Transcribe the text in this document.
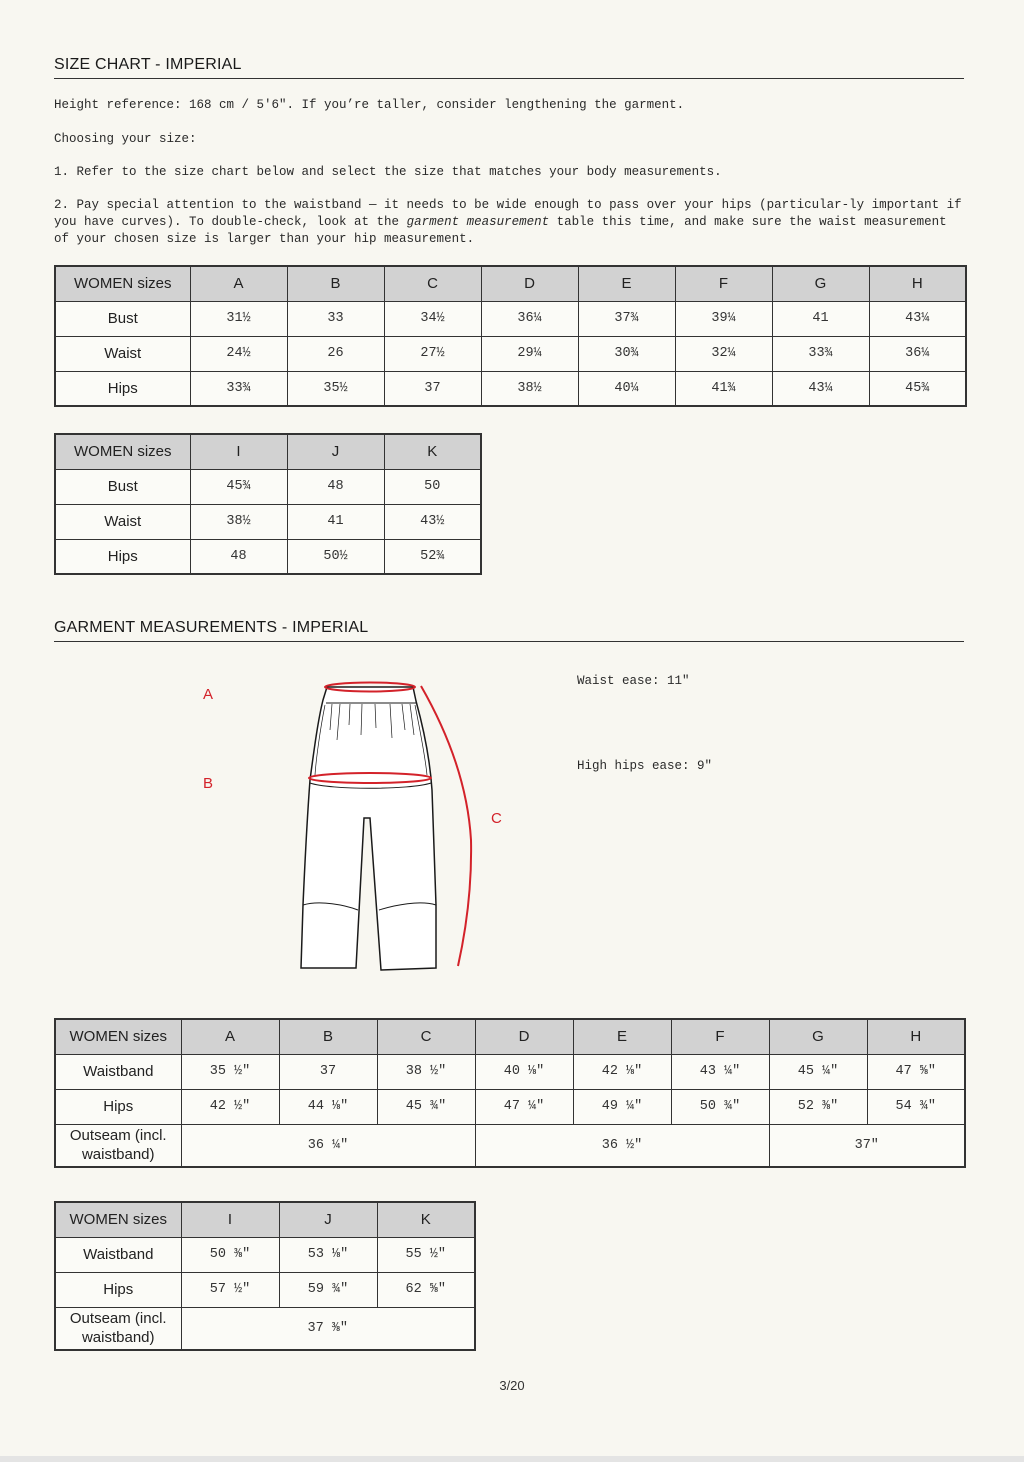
SIZE CHART - IMPERIAL
Height reference: 168 cm / 5'6". If you’re taller, consider lengthening the garment.
Choosing your size:
1. Refer to the size chart below and select the size that matches your body measurements.
2. Pay special attention to the waistband — it needs to be wide enough to pass over your hips (particular-ly important if you have curves). To double-check, look at the garment measurement table this time, and make sure the waist measurement of your chosen size is larger than your hip measurement.
WOMEN sizes	A	B	C	D	E	F	G	H
Bust	31½	33	34½	36¼	37¾	39¼	41	43¼
Waist	24½	26	27½	29¼	30¾	32¼	33¾	36¼
Hips	33¾	35½	37	38½	40¼	41¾	43¼	45¾
WOMEN sizes	I	J	K
Bust	45¾	48	50
Waist	38½	41	43½
Hips	48	50½	52¾
GARMENT MEASUREMENTS - IMPERIAL
A
B
C
Waist ease: 11"
High hips ease: 9"
WOMEN sizes	A	B	C	D	E	F	G	H
Waistband	35 ½″	37	38 ½″	40 ⅛″	42 ⅛″	43 ¼″	45 ¼″	47 ⅝″
Hips	42 ½″	44 ⅛″	45 ¾″	47 ¼″	49 ¼″	50 ¾″	52 ⅜″	54 ¾″
Outseam (incl. waistband)	36 ¼″			36 ½″			37″	
WOMEN sizes	I	J	K
Waistband	50 ⅜″	53 ⅛″	55 ½″
Hips	57 ½″	59 ¾″	62 ⅝″
Outseam (incl. waistband)	37 ⅜″		
3/20
